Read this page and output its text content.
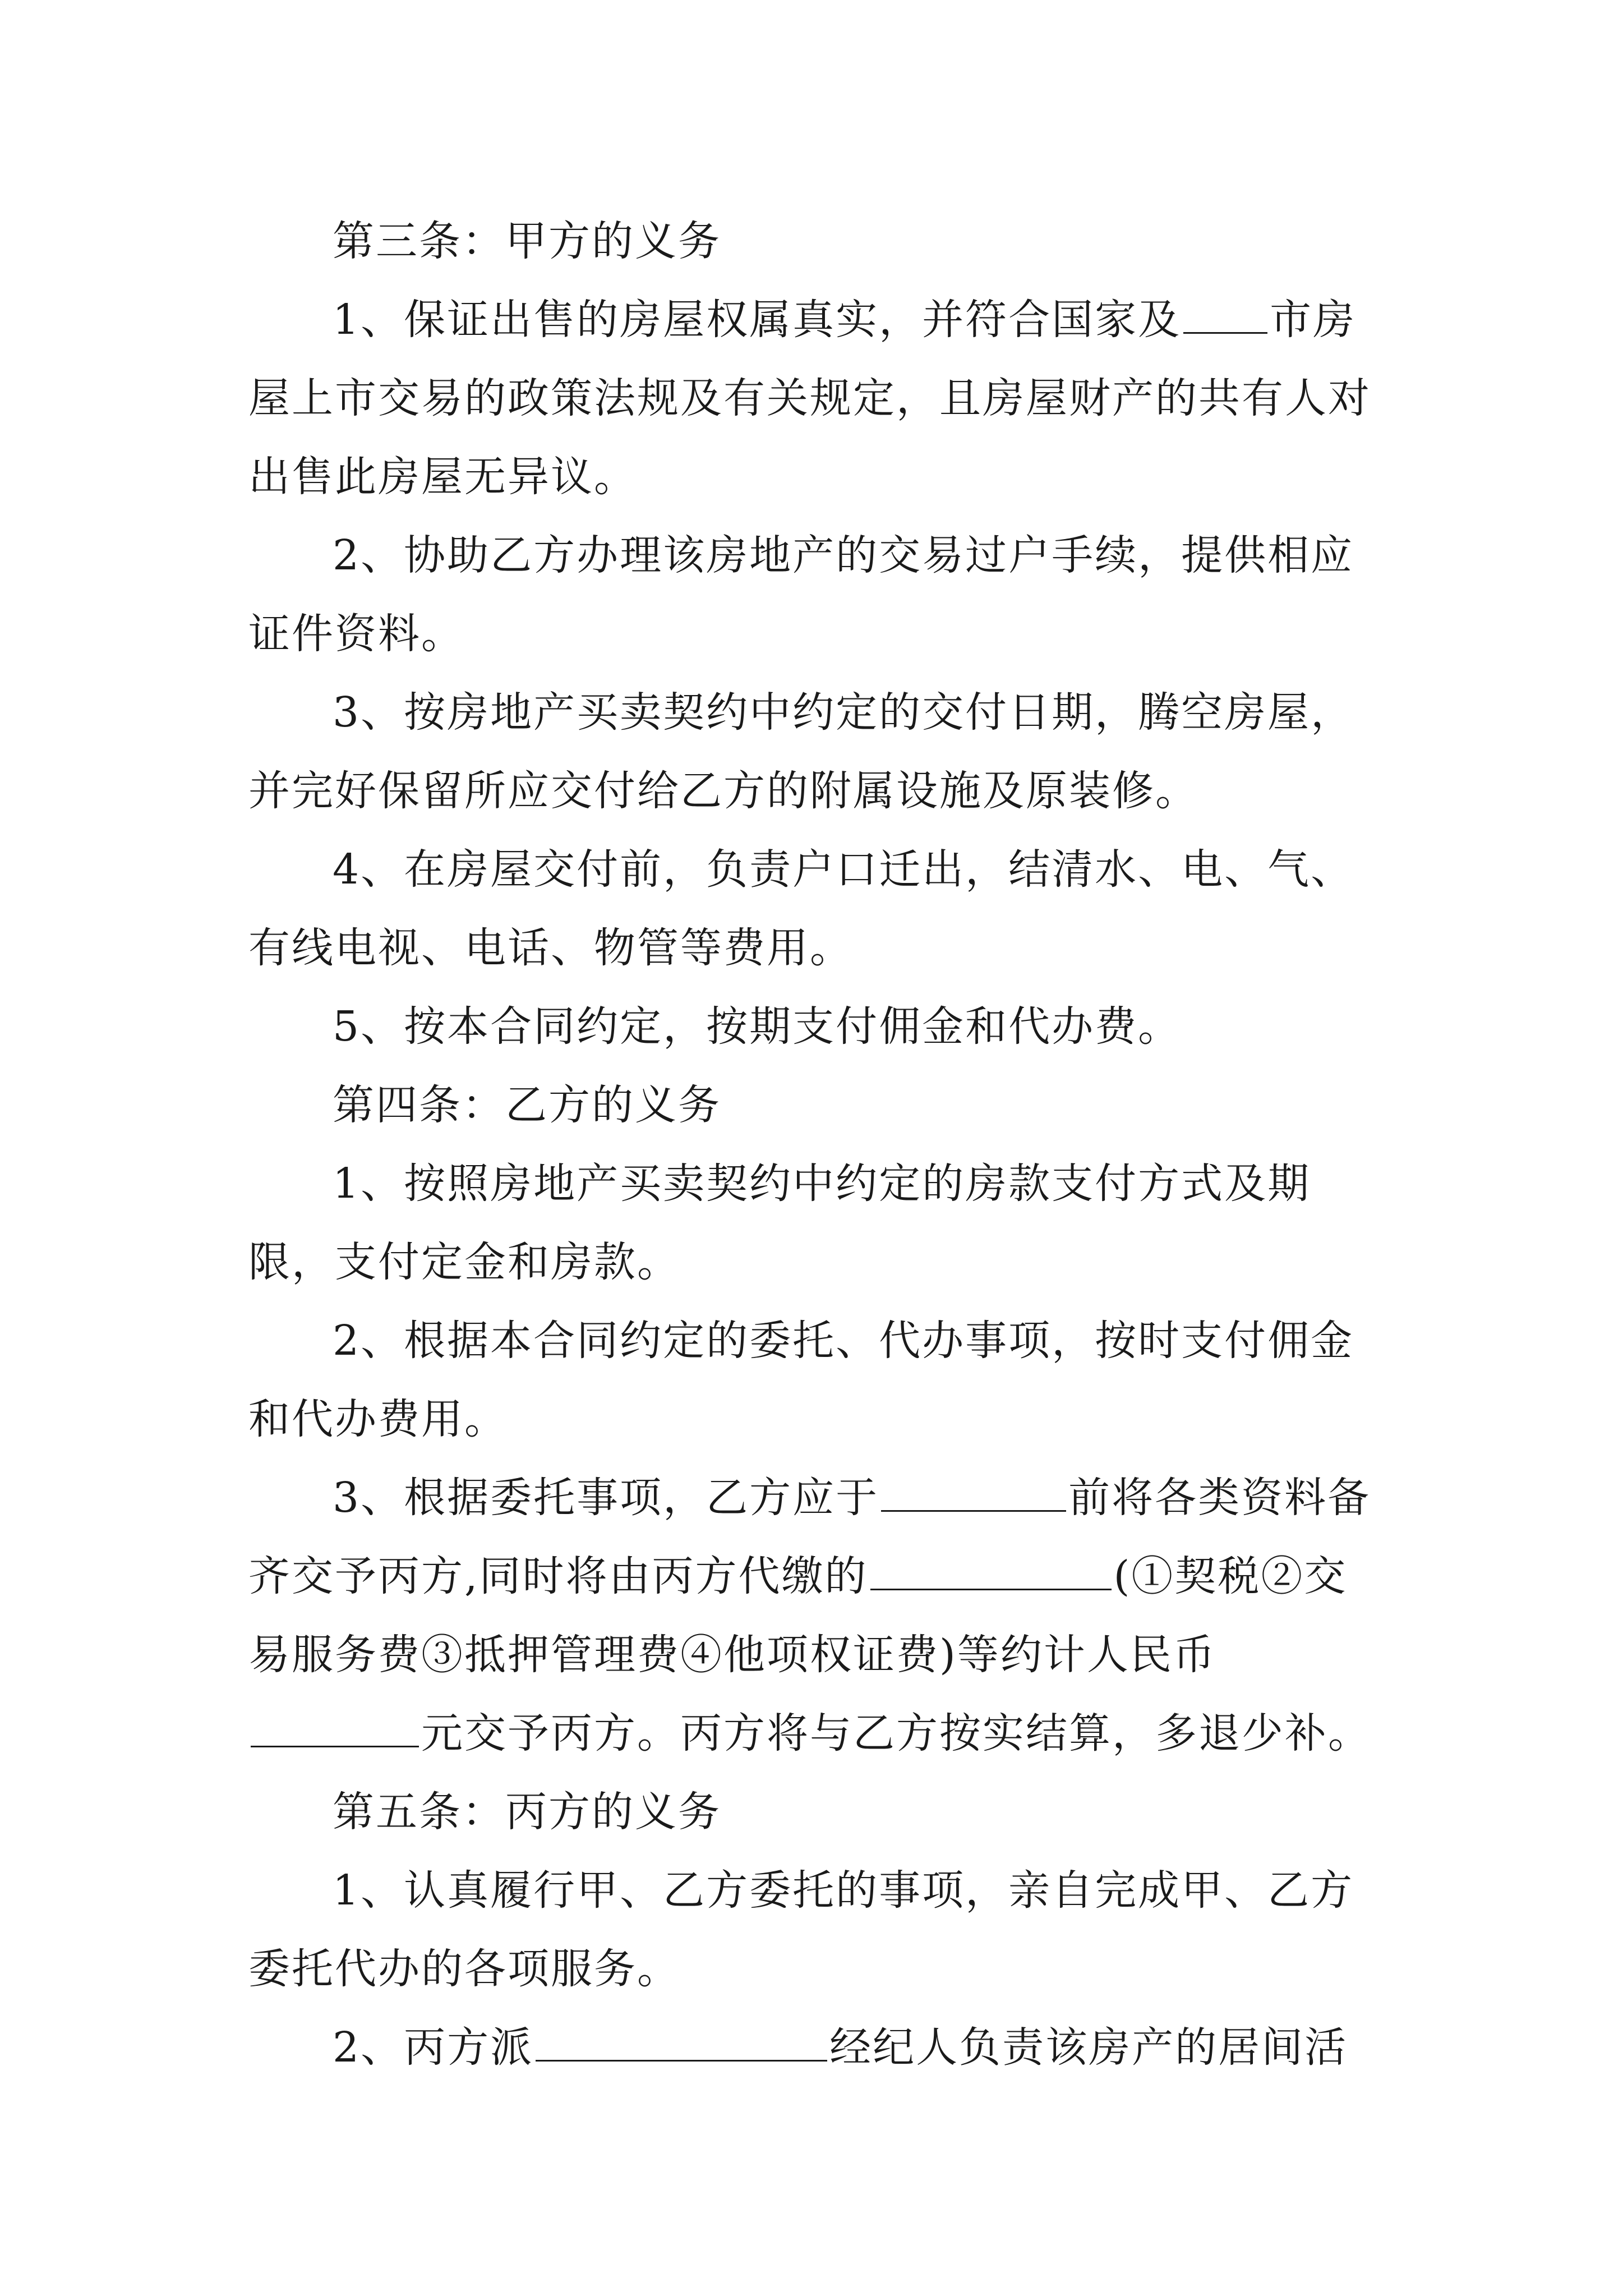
第三条：甲方的义务

1、保证出售的房屋权属真实，并符合国家及 市房屋上市交易的政策法规及有关规定，且房屋财产的共有人对出售此房屋无异议。

2、协助乙方办理该房地产的交易过户手续，提供相应证件资料。

3、按房地产买卖契约中约定的交付日期，腾空房屋，并完好保留所应交付给乙方的附属设施及原装修。

4、在房屋交付前，负责户口迁出，结清水、电、气、有线电视、电话、物管等费用。

5、按本合同约定，按期支付佣金和代办费。

第四条：乙方的义务

1、按照房地产买卖契约中约定的房款支付方式及期限，支付定金和房款。

2、根据本合同约定的委托、代办事项，按时支付佣金和代办费用。

3、根据委托事项，乙方应于	前将各类资料备齐交予丙方,同时将由丙方代缴的	(①契税②交易服务费③抵押管理费④他项权证费)等约计人民币元交予丙方。丙方将与乙方按实结算，多退少补。

第五条：丙方的义务

1、认真履行甲、乙方委托的事项，亲自完成甲、乙方委托代办的各项服务。

2、丙方派	经纪人负责该房产的居间活
